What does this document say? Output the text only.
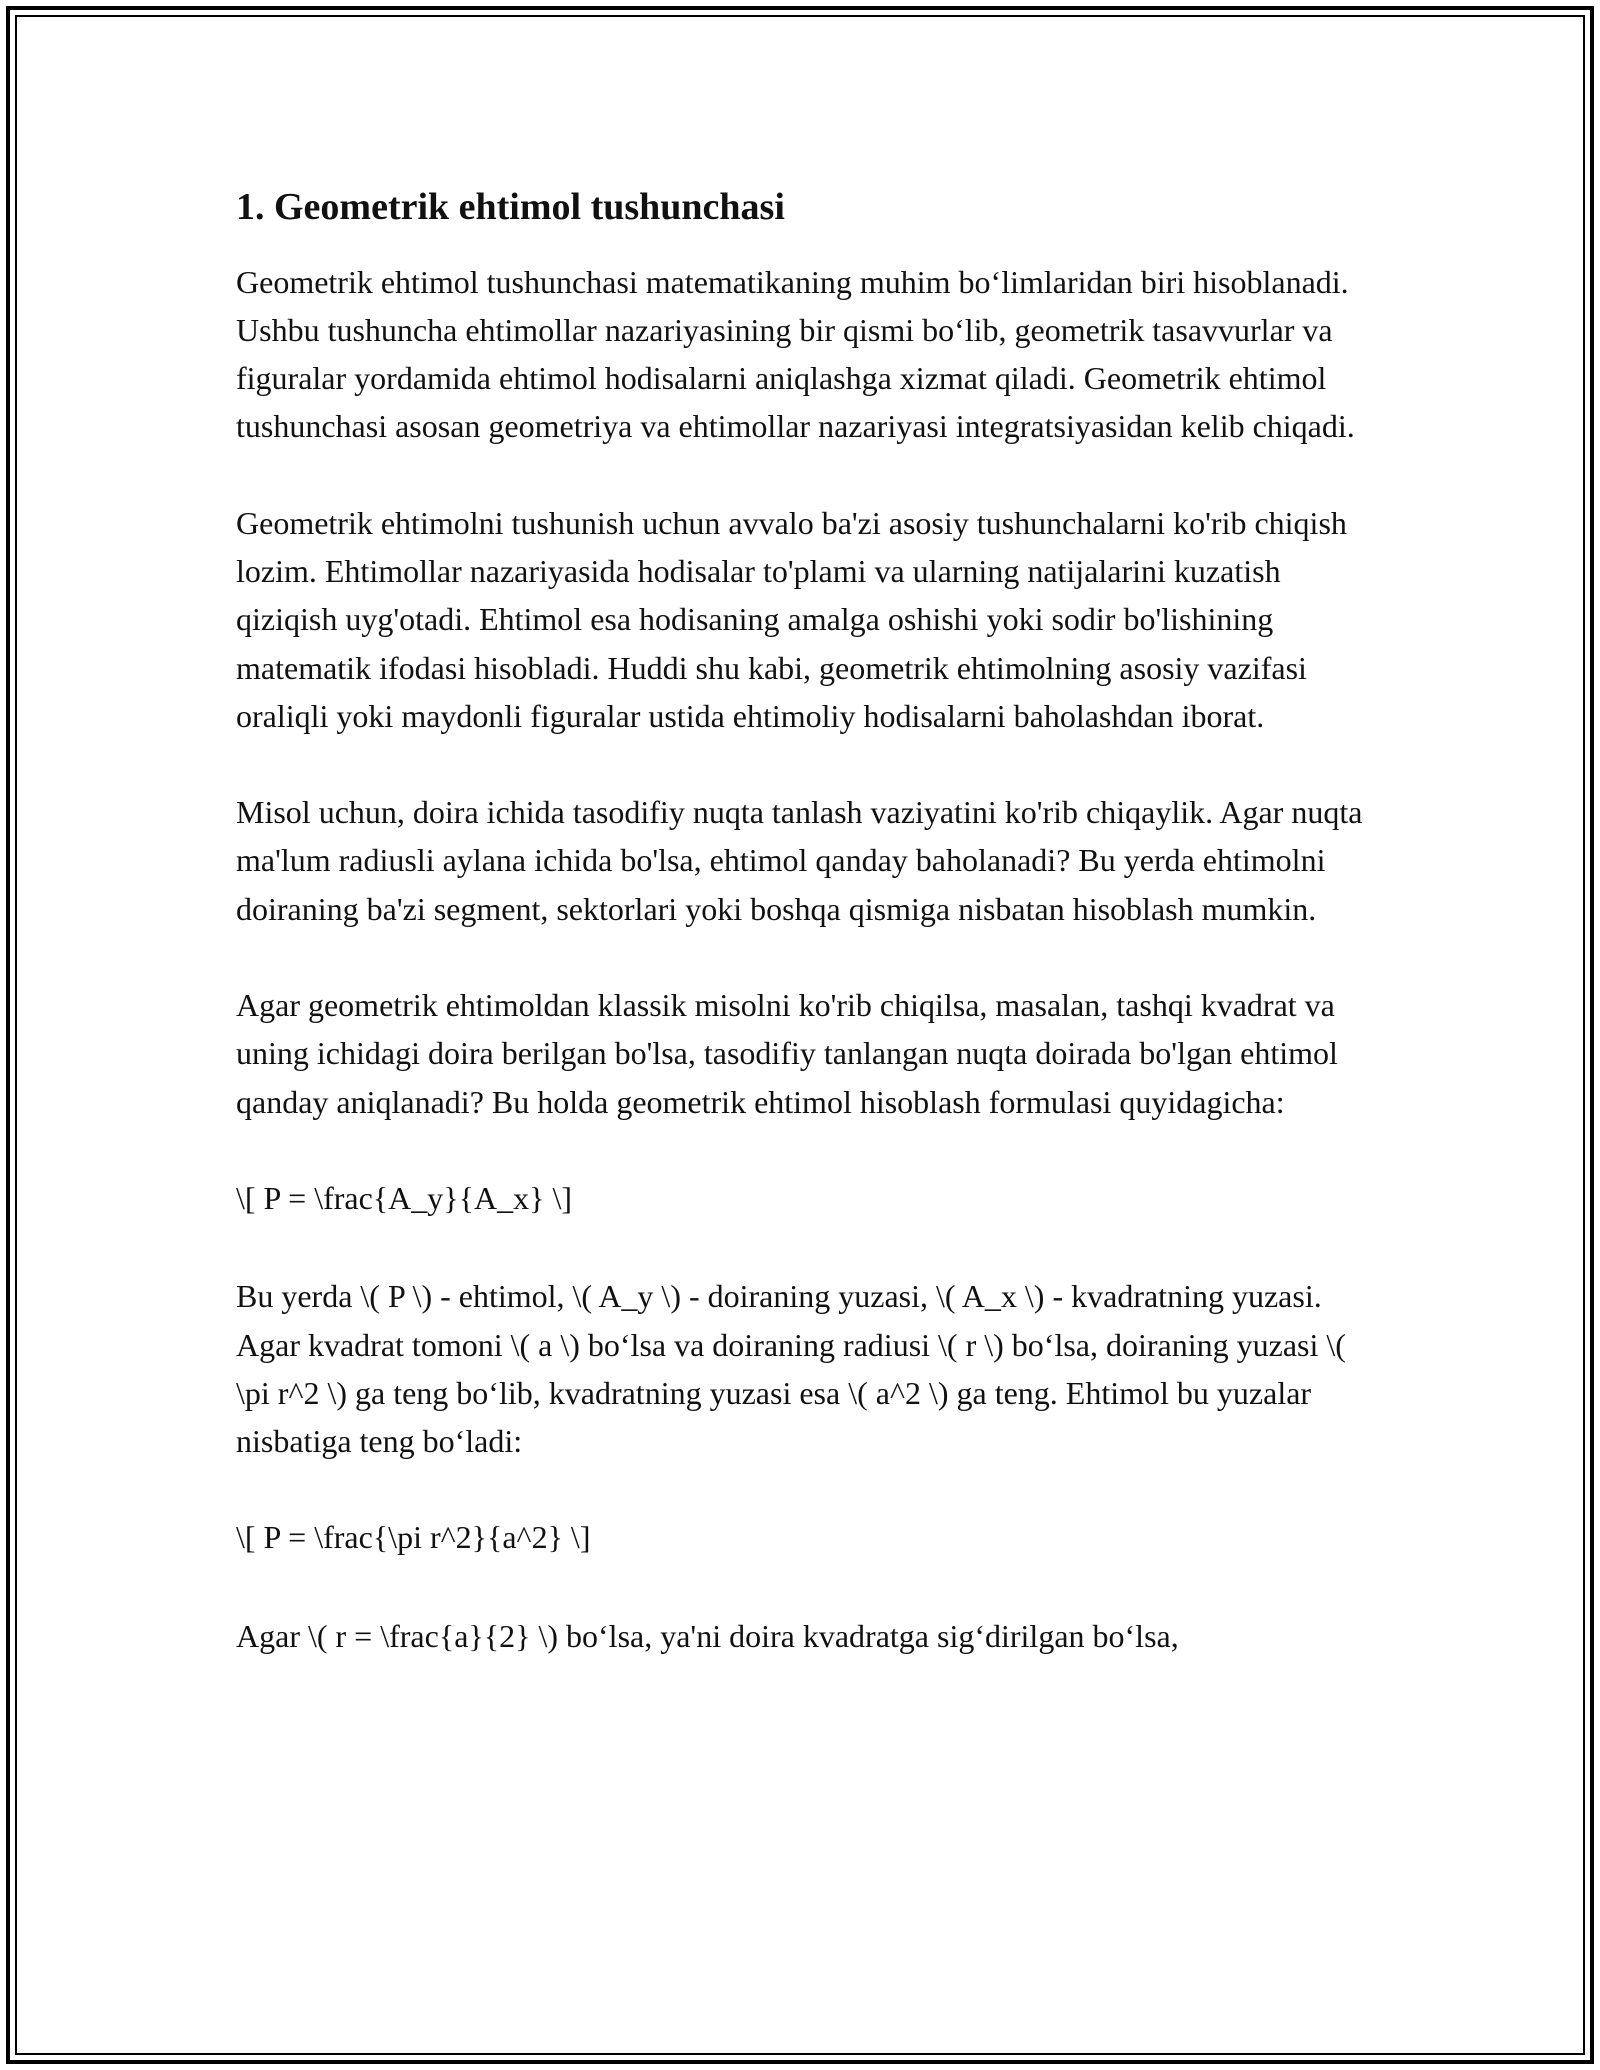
1. Geometrik ehtimol tushunchasi

Geometrik ehtimol tushunchasi matematikaning muhim bo‘limlaridan biri hisoblanadi. Ushbu tushuncha ehtimollar nazariyasining bir qismi bo‘lib, geometrik tasavvurlar va figuralar yordamida ehtimol hodisalarni aniqlashga xizmat qiladi. Geometrik ehtimol tushunchasi asosan geometriya va ehtimollar nazariyasi integratsiyasidan kelib chiqadi.

Geometrik ehtimolni tushunish uchun avvalo ba'zi asosiy tushunchalarni ko'rib chiqish lozim. Ehtimollar nazariyasida hodisalar to'plami va ularning natijalarini kuzatish qiziqish uyg'otadi. Ehtimol esa hodisaning amalga oshishi yoki sodir bo'lishining matematik ifodasi hisobladi. Huddi shu kabi, geometrik ehtimolning asosiy vazifasi oraliqli yoki maydonli figuralar ustida ehtimoliy hodisalarni baholashdan iborat.

Misol uchun, doira ichida tasodifiy nuqta tanlash vaziyatini ko'rib chiqaylik. Agar nuqta ma'lum radiusli aylana ichida bo'lsa, ehtimol qanday baholanadi? Bu yerda ehtimolni doiraning ba'zi segment, sektorlari yoki boshqa qismiga nisbatan hisoblash mumkin.

Agar geometrik ehtimoldan klassik misolni ko'rib chiqilsa, masalan, tashqi kvadrat va uning ichidagi doira berilgan bo'lsa, tasodifiy tanlangan nuqta doirada bo'lgan ehtimol qanday aniqlanadi? Bu holda geometrik ehtimol hisoblash formulasi quyidagicha:

\[ P = \frac{A_y}{A_x} \]

Bu yerda \( P \) - ehtimol, \( A_y \) - doiraning yuzasi, \( A_x \) - kvadratning yuzasi. Agar kvadrat tomoni \( a \) bo‘lsa va doiraning radiusi \( r \) bo‘lsa, doiraning yuzasi \( \pi r^2 \) ga teng bo‘lib, kvadratning yuzasi esa \( a^2 \) ga teng. Ehtimol bu yuzalar nisbatiga teng bo‘ladi:

\[ P = \frac{\pi r^2}{a^2} \]

Agar \( r = \frac{a}{2} \) bo‘lsa, ya'ni doira kvadratga sig‘dirilgan bo‘lsa,
